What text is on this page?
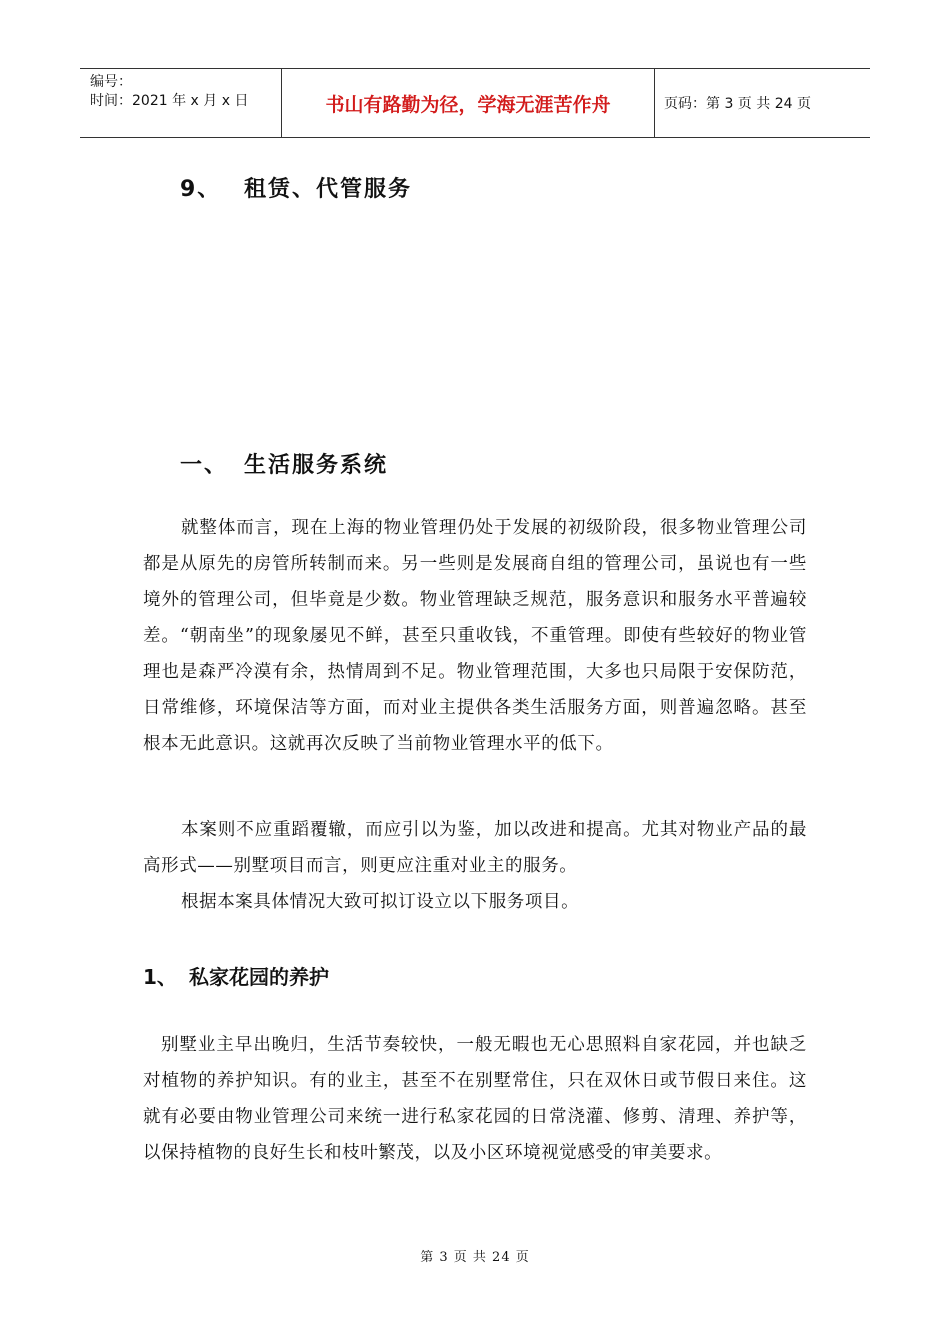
编号：
时间：2021 年 x 月 x 日	书山有路勤为径，学海无涯苦作舟	页码：第 3 页 共 24 页
9、 租赁、代管服务
一、 生活服务系统

就整体而言，现在上海的物业管理仍处于发展的初级阶段，很多物业管理公司都是从原先的房管所转制而来。另一些则是发展商自组的管理公司，虽说也有一些境外的管理公司，但毕竟是少数。物业管理缺乏规范，服务意识和服务水平普遍较差。“朝南坐”的现象屡见不鲜，甚至只重收钱，不重管理。即使有些较好的物业管理也是森严冷漠有余，热情周到不足。物业管理范围，大多也只局限于安保防范，日常维修，环境保洁等方面，而对业主提供各类生活服务方面，则普遍忽略。甚至根本无此意识。这就再次反映了当前物业管理水平的低下。

本案则不应重蹈覆辙，而应引以为鉴，加以改进和提高。尤其对物业产品的最高形式——别墅项目而言，则更应注重对业主的服务。

根据本案具体情况大致可拟订设立以下服务项目。

1、 私家花园的养护

别墅业主早出晚归，生活节奏较快，一般无暇也无心思照料自家花园，并也缺乏对植物的养护知识。有的业主，甚至不在别墅常住，只在双休日或节假日来住。这就有必要由物业管理公司来统一进行私家花园的日常浇灌、修剪、清理、养护等，以保持植物的良好生长和枝叶繁茂，以及小区环境视觉感受的审美要求。

第 3 页 共 24 页
